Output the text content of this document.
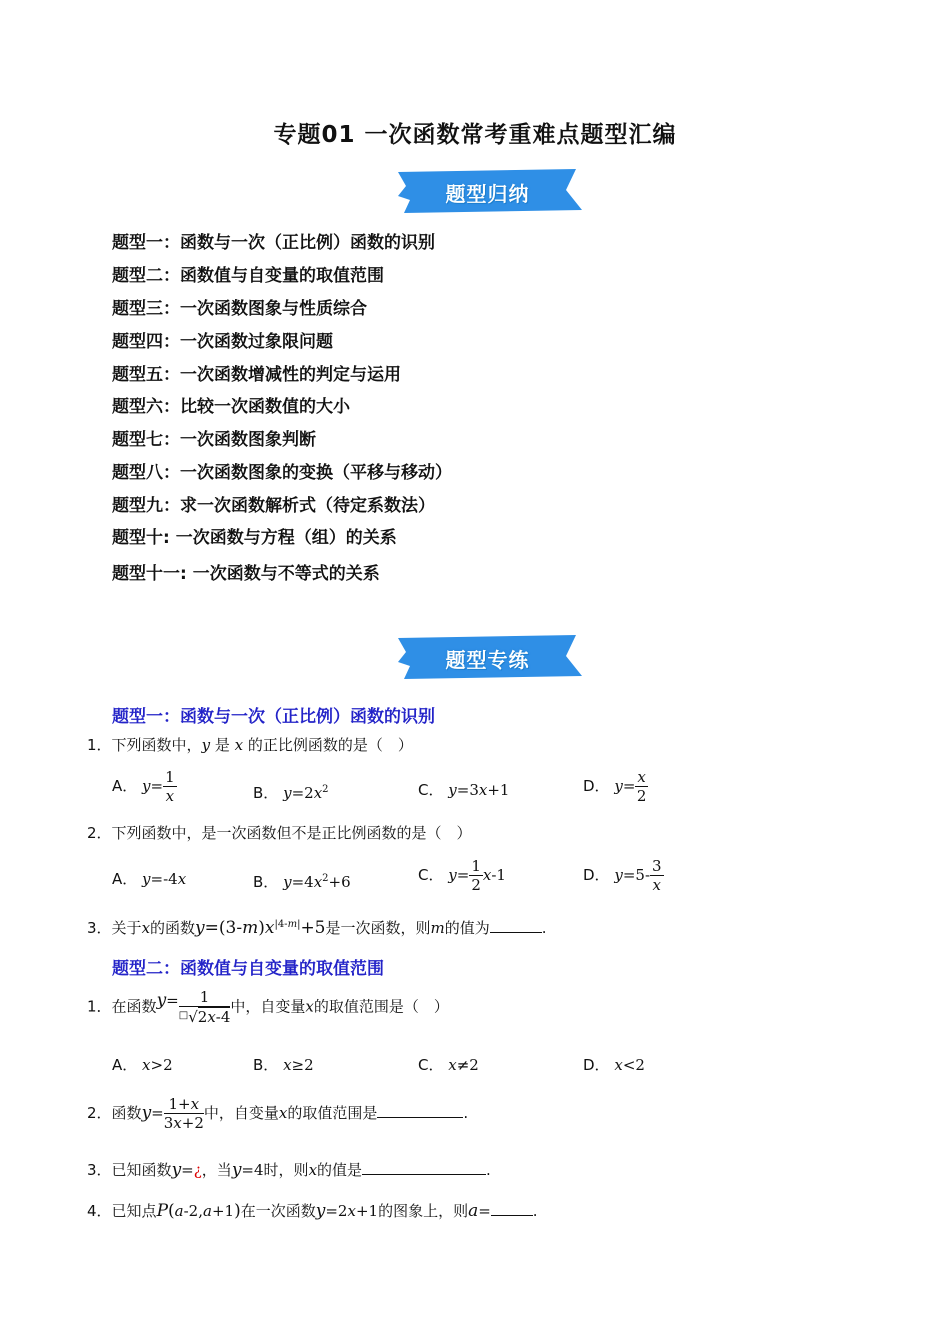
专题01 一次函数常考重难点题型汇编
题型归纳
题型一：函数与一次（正比例）函数的识别
题型二：函数值与自变量的取值范围
题型三：一次函数图象与性质综合
题型四：一次函数过象限问题
题型五：一次函数增减性的判定与运用
题型六：比较一次函数值的大小
题型七：一次函数图象判断
题型八：一次函数图象的变换（平移与移动）
题型九：求一次函数解析式（待定系数法）
题型十: 一次函数与方程（组）的关系
题型十一: 一次函数与不等式的关系
题型专练
题型一：函数与一次（正比例）函数的识别
1．下列函数中，y 是 x 的正比例函数的是（　）
A． $y= \frac{1}{x}$	B． $y=2x^2$	C． y=3x+1	D． $y= \frac{x}{2}$
2．下列函数中，是一次函数但不是正比例函数的是（　）
A． y=-4x	B． $y=4x^2+6$	C． $y= \frac{1}{2} x-1$	D． $y=5- \frac{3}{x}$
3．关于x的函数$y=(3-m)x^{|4-m|}+5$是一次函数，则m的值为	.
题型二：函数值与自变量的取值范围
1．在函数$y= \frac{1}{^□√2x-4}$ 中，自变量x的取值范围是（　）
A． x>2	B． x≥2	C． x≠2	D． x<2
2．函数$y= \frac{1+x}{3x+2}$ 中，自变量x的取值范围是	.
3．已知函数y=¿，当y=4时，则x的值是	.
4．已知点P(a-2,a+1)在一次函数y=2x+1的图象上，则a=	.
